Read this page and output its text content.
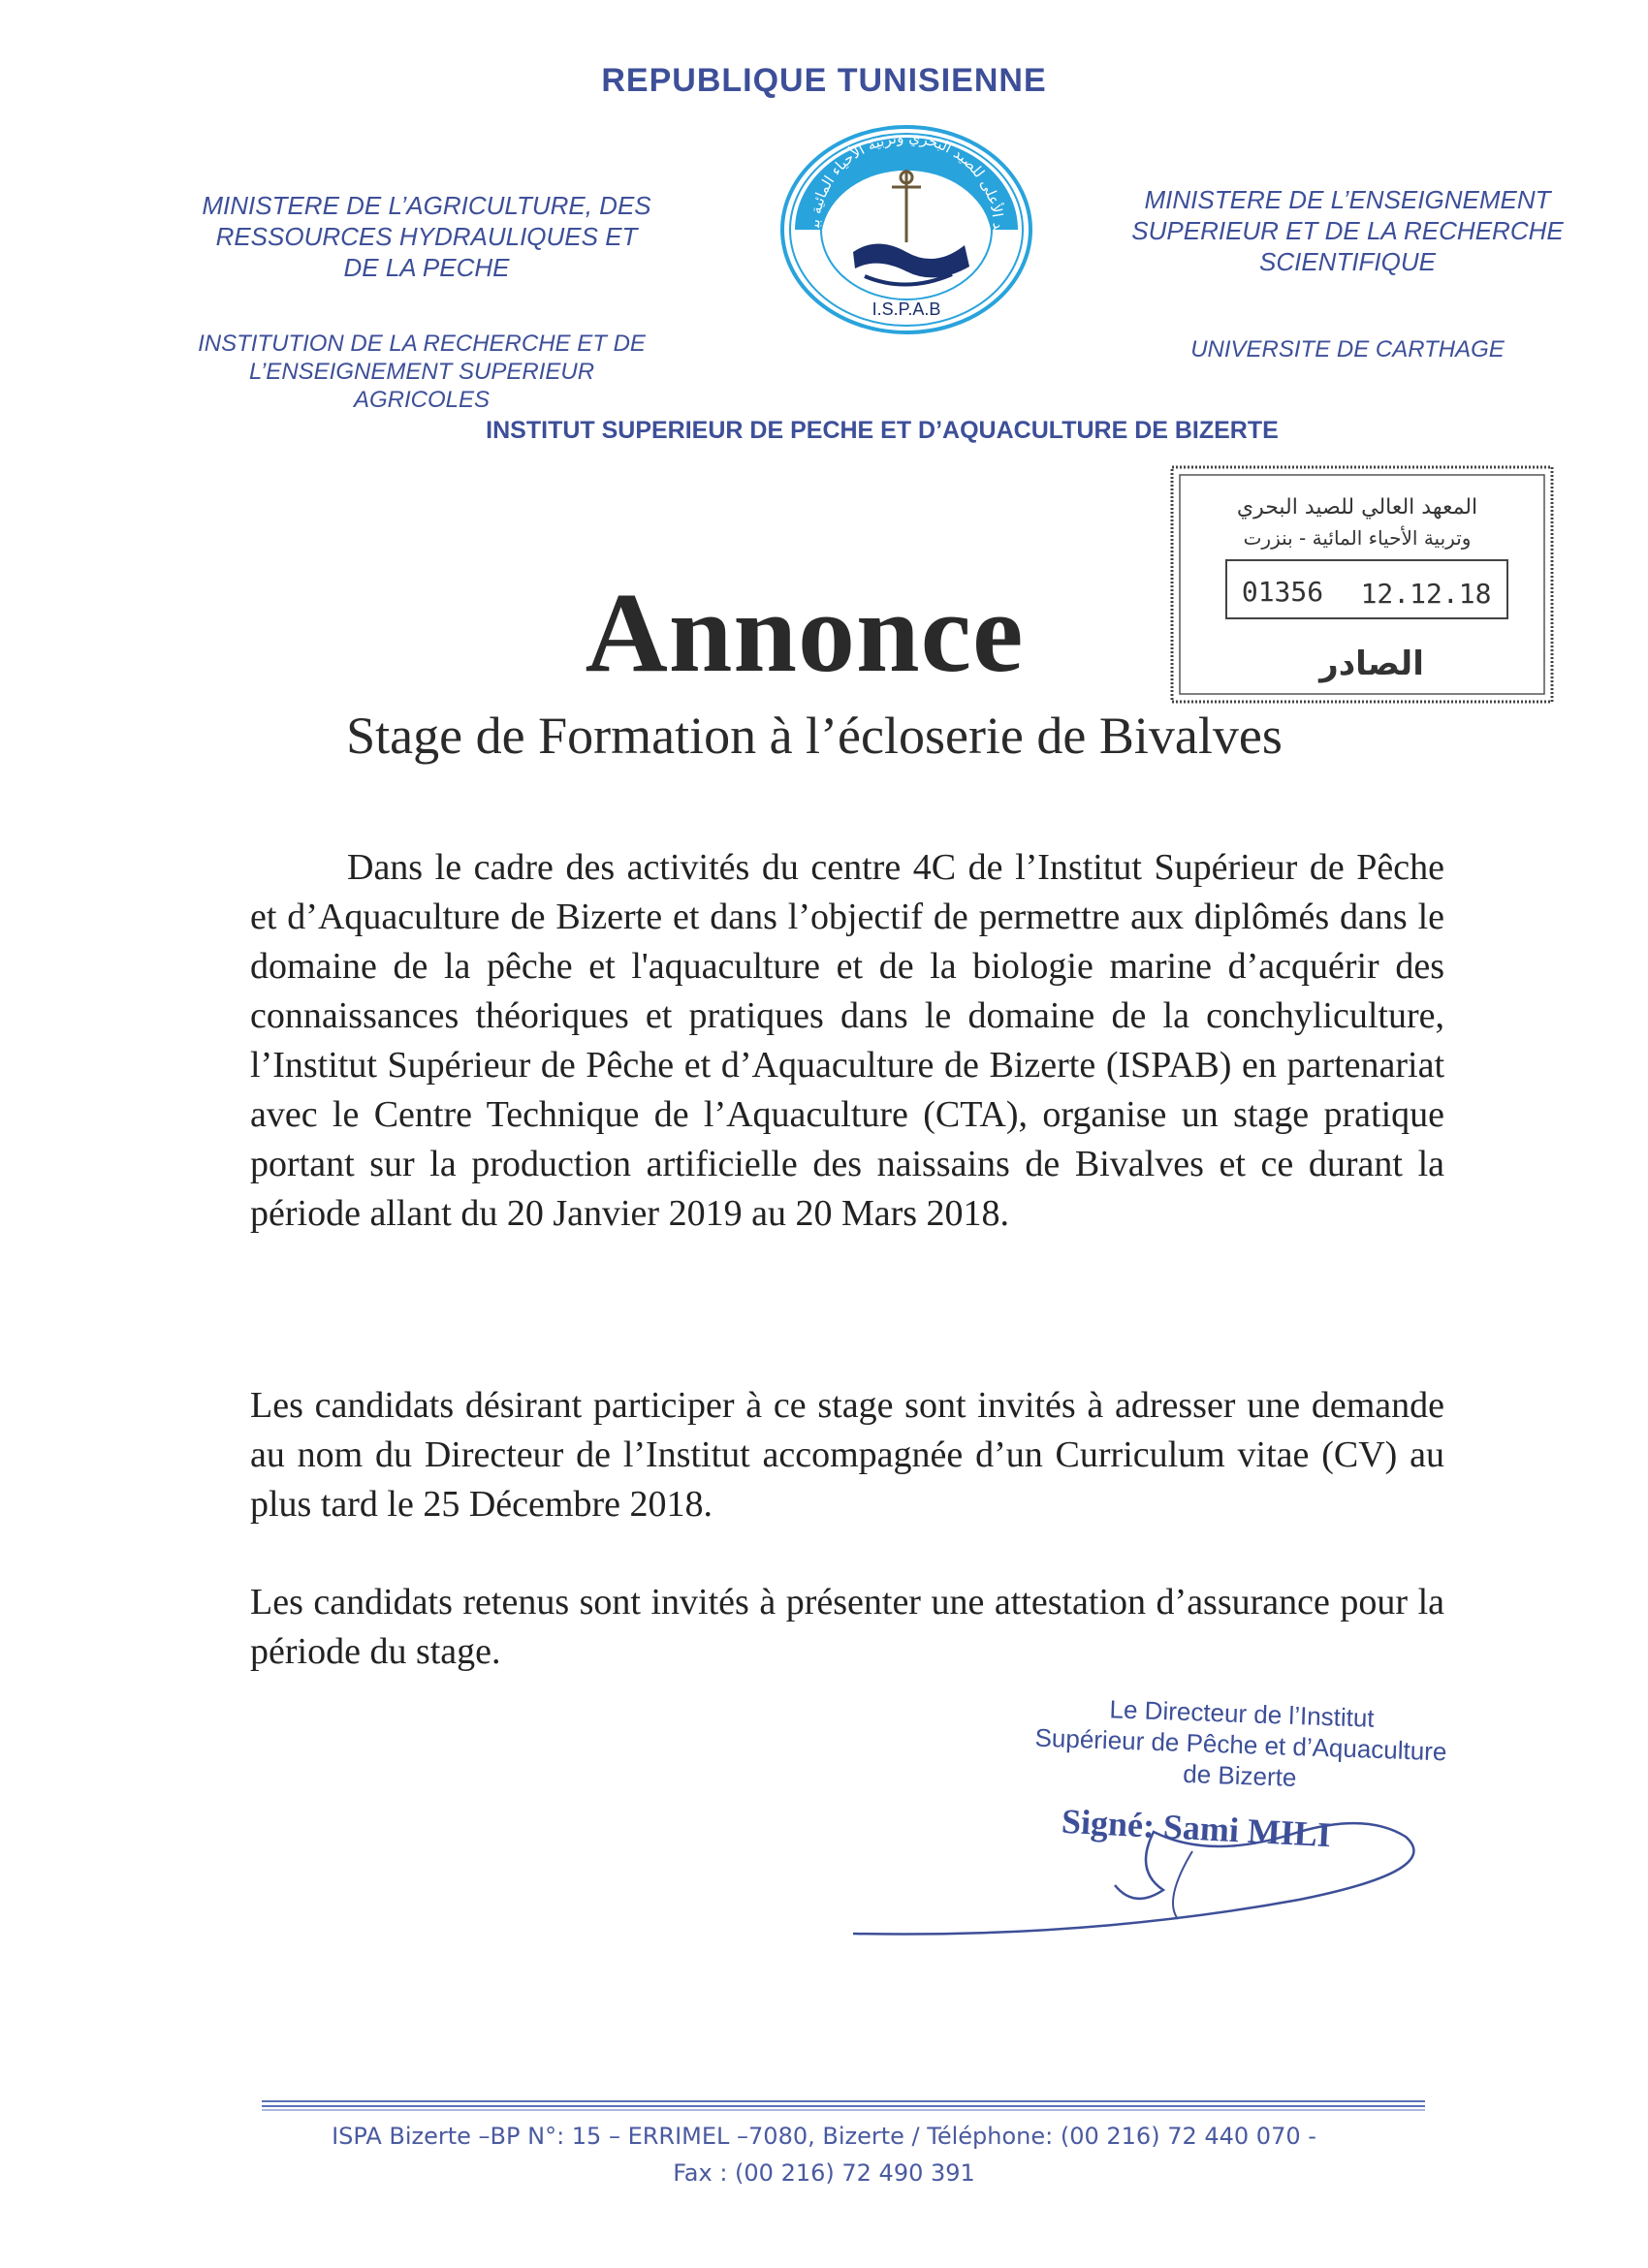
REPUBLIQUE TUNISIENNE
MINISTERE DE L’AGRICULTURE, DES
RESSOURCES HYDRAULIQUES ET
DE LA PECHE
MINISTERE DE L’ENSEIGNEMENT
SUPERIEUR ET DE LA RECHERCHE
SCIENTIFIQUE
INSTITUTION DE LA RECHERCHE ET DE
L’ENSEIGNEMENT SUPERIEUR
AGRICOLES
UNIVERSITE DE CARTHAGE
INSTITUT SUPERIEUR DE PECHE ET D’AQUACULTURE DE BIZERTE
د الأعلى للصيد البحري وتربية الأحياء المائية بب
I.S.P.A.B
المعهد العالي للصيد البحري
وتربية الأحياء المائية - بنزرت
01356 12.12.18
الصادر
Annonce
Stage de Formation à l’écloserie de Bivalves

Dans le cadre des activités du centre 4C de l’Institut Supérieur de Pêche et d’Aquaculture de Bizerte et dans l’objectif de permettre aux diplômés dans le domaine de la pêche et l'aquaculture et de la biologie marine d’acquérir des connaissances théoriques et pratiques dans le domaine de la conchyliculture, l’Institut Supérieur de Pêche et d’Aquaculture de Bizerte (ISPAB) en partenariat avec le Centre Technique de l’Aquaculture (CTA), organise un stage pratique portant sur la production artificielle des naissains de Bivalves et ce durant la période allant du 20 Janvier 2019 au 20 Mars 2018.

Les candidats désirant participer à ce stage sont invités à adresser une demande au nom du Directeur de l’Institut accompagnée d’un Curriculum vitae (CV) au plus tard le 25 Décembre 2018.

Les candidats retenus sont invités à présenter une attestation d’assurance pour la période du stage.

Le Directeur de l’Institut
Supérieur de Pêche et d’Aquaculture
de Bizerte
Signé: Sami MILI
ISPA Bizerte –BP N°: 15 – ERRIMEL –7080, Bizerte / Téléphone: (00 216) 72 440 070 -
Fax : (00 216) 72 490 391
